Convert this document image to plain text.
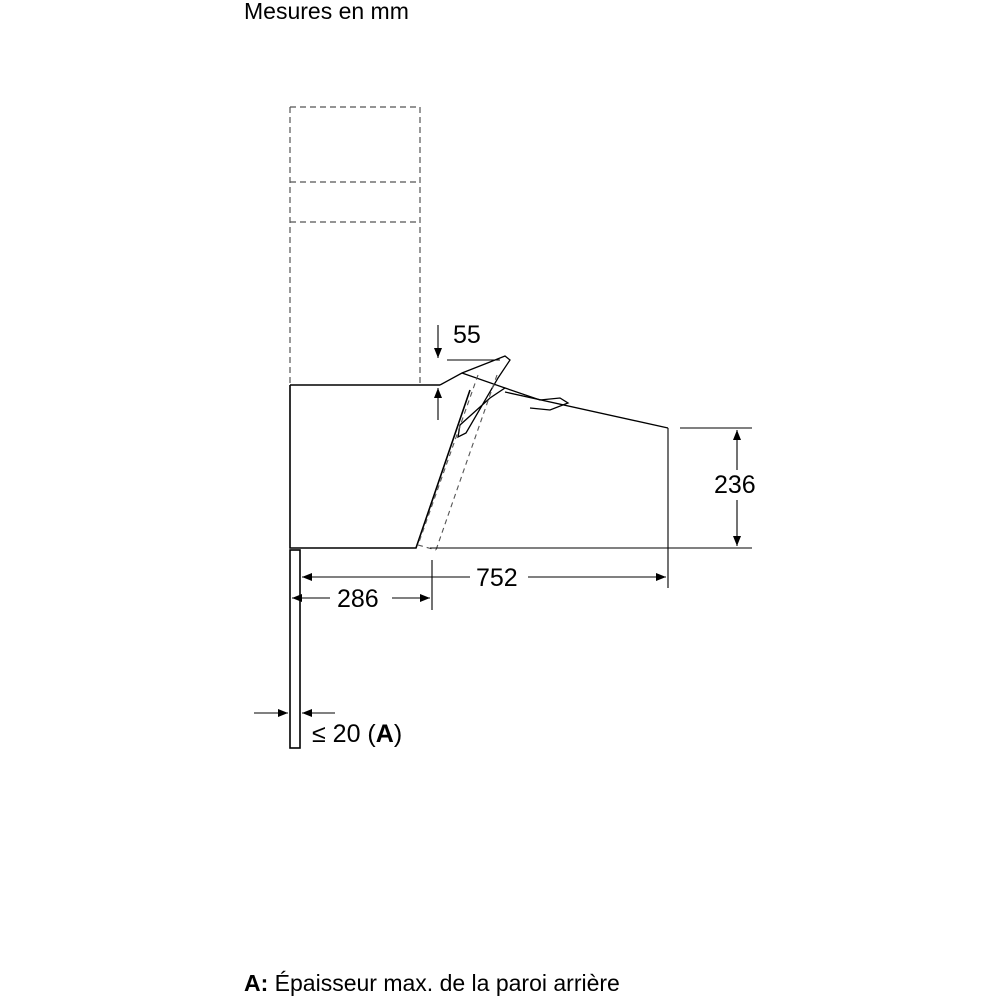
Mesures en mm
55
236
752
286
≤ 20 (A)
A: Épaisseur max. de la paroi arrière
